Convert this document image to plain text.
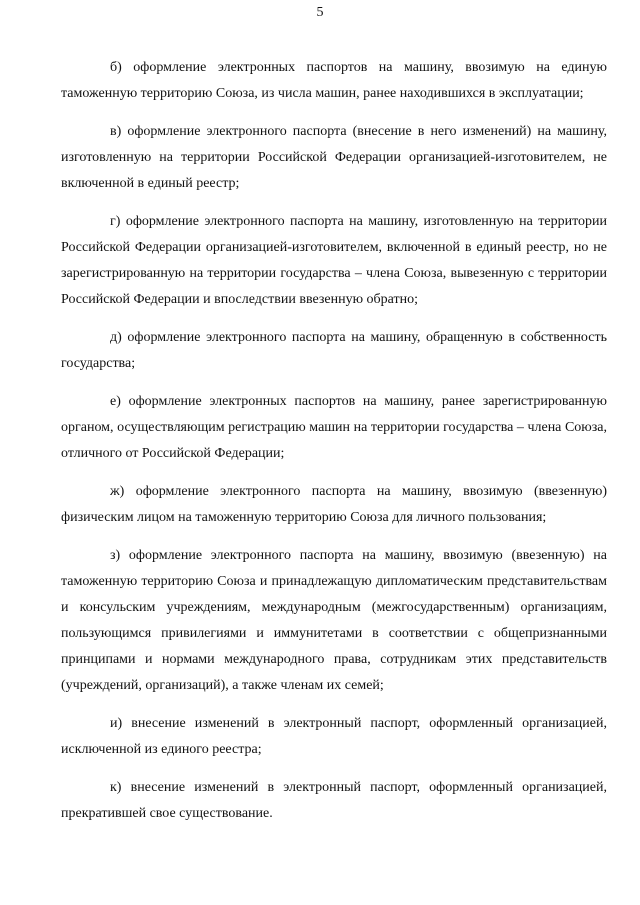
5

б) оформление электронных паспортов на машину, ввозимую на единую таможенную территорию Союза, из числа машин, ранее находившихся в эксплуатации;

в) оформление электронного паспорта (внесение в него изменений) на машину, изготовленную на территории Российской Федерации организацией-изготовителем, не включенной в единый реестр;

г) оформление электронного паспорта на машину, изготовленную на территории Российской Федерации организацией-изготовителем, включенной в единый реестр, но не зарегистрированную на территории государства – члена Союза, вывезенную с территории Российской Федерации и впоследствии ввезенную обратно;

д) оформление электронного паспорта на машину, обращенную в собственность государства;

е) оформление электронных паспортов на машину, ранее зарегистрированную органом, осуществляющим регистрацию машин на территории государства – члена Союза, отличного от Российской Федерации;

ж) оформление электронного паспорта на машину, ввозимую (ввезенную) физическим лицом на таможенную территорию Союза для личного пользования;

з) оформление электронного паспорта на машину, ввозимую (ввезенную) на таможенную территорию Союза и принадлежащую дипломатическим представительствам и консульским учреждениям, международным (межгосударственным) организациям, пользующимся привилегиями и иммунитетами в соответствии с общепризнанными принципами и нормами международного права, сотрудникам этих представительств (учреждений, организаций), а также членам их семей;

и) внесение изменений в электронный паспорт, оформленный организацией, исключенной из единого реестра;

к) внесение изменений в электронный паспорт, оформленный организацией, прекратившей свое существование.
